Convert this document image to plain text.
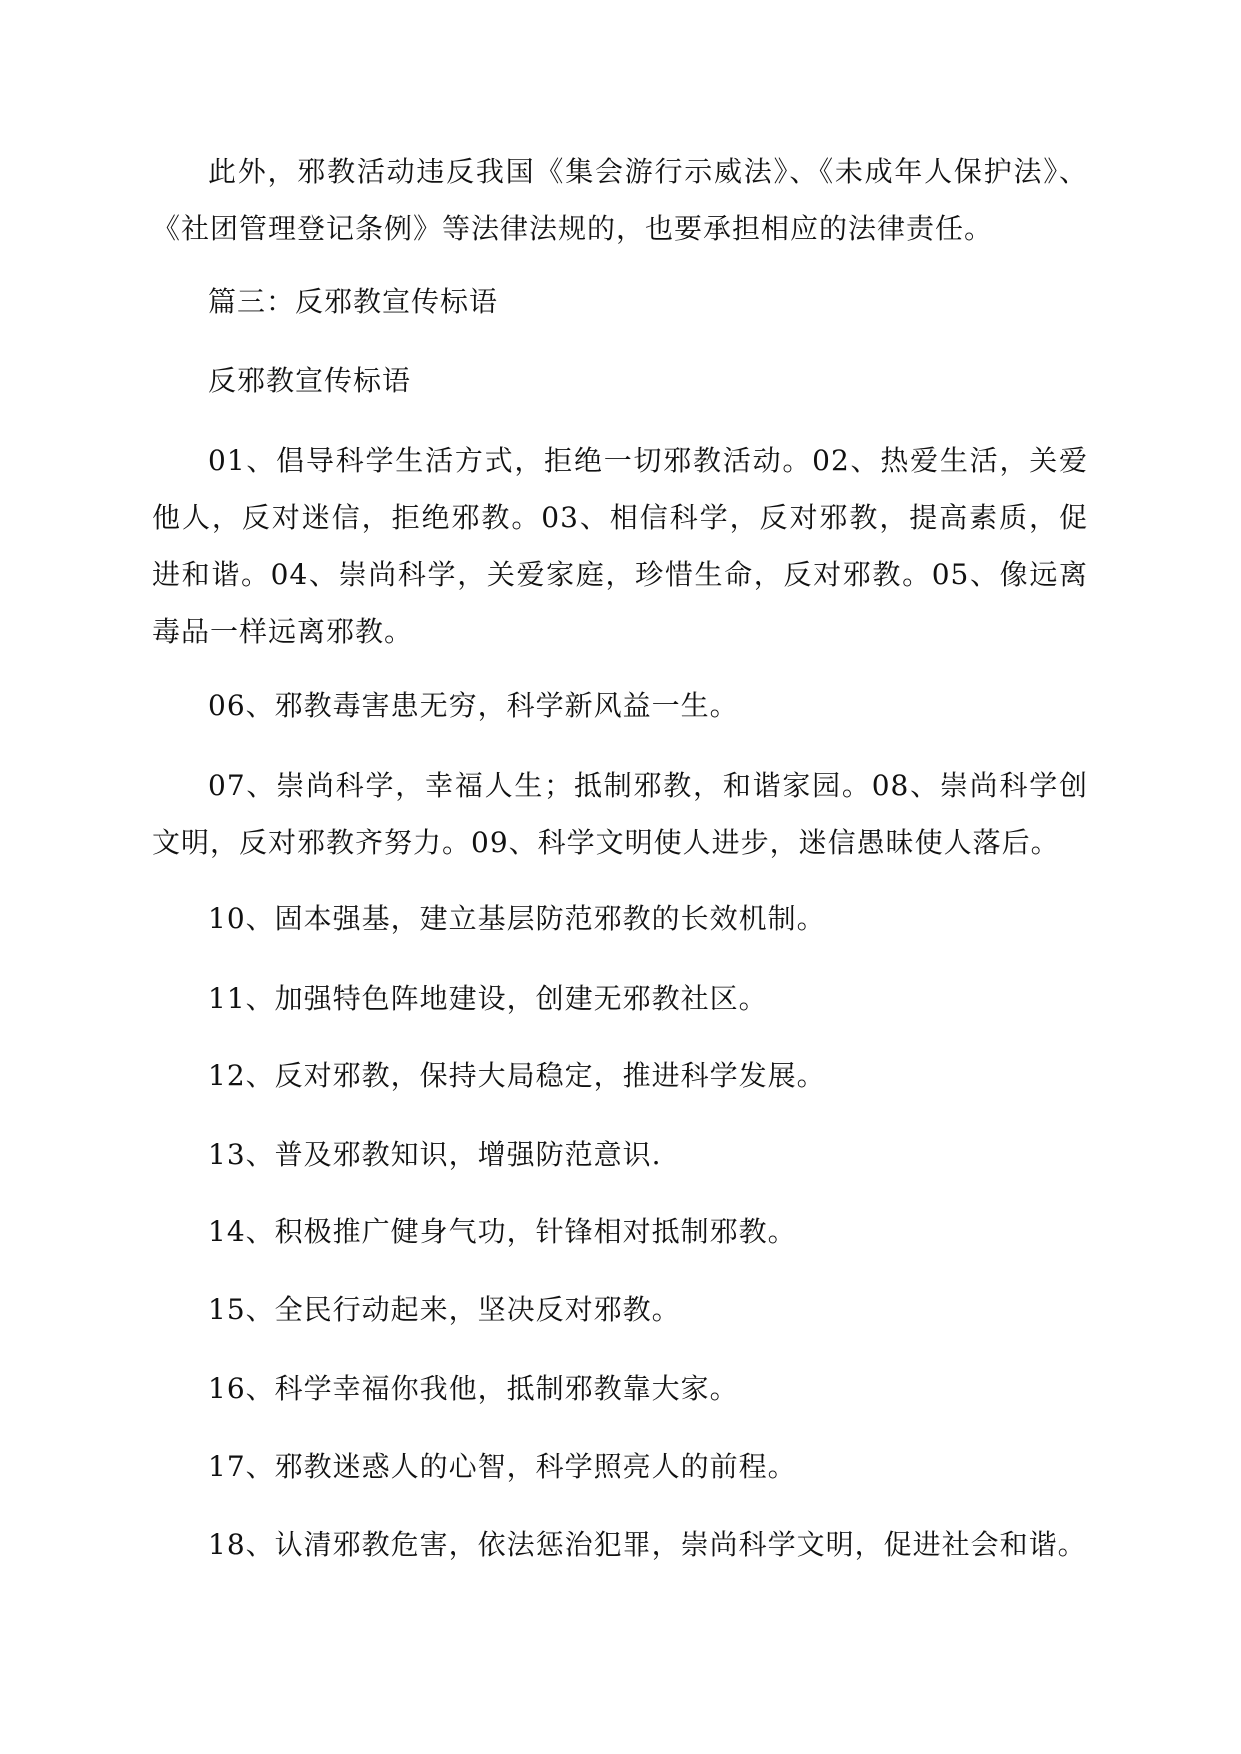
此外，邪教活动违反我国《集会游行示威法》、《未成年人保护法》、《社团管理登记条例》等法律法规的，也要承担相应的法律责任。

篇三：反邪教宣传标语

反邪教宣传标语

01、倡导科学生活方式，拒绝一切邪教活动。02、热爱生活，关爱他人，反对迷信，拒绝邪教。03、相信科学，反对邪教，提高素质，促进和谐。04、崇尚科学，关爱家庭，珍惜生命，反对邪教。05、像远离毒品一样远离邪教。

06、邪教毒害患无穷，科学新风益一生。

07、崇尚科学，幸福人生；抵制邪教，和谐家园。08、崇尚科学创文明，反对邪教齐努力。09、科学文明使人进步，迷信愚昧使人落后。

10、固本强基，建立基层防范邪教的长效机制。

11、加强特色阵地建设，创建无邪教社区。

12、反对邪教，保持大局稳定，推进科学发展。

13、普及邪教知识，增强防范意识.

14、积极推广健身气功，针锋相对抵制邪教。

15、全民行动起来，坚决反对邪教。

16、科学幸福你我他，抵制邪教靠大家。

17、邪教迷惑人的心智，科学照亮人的前程。

18、认清邪教危害，依法惩治犯罪，崇尚科学文明，促进社会和谐。
